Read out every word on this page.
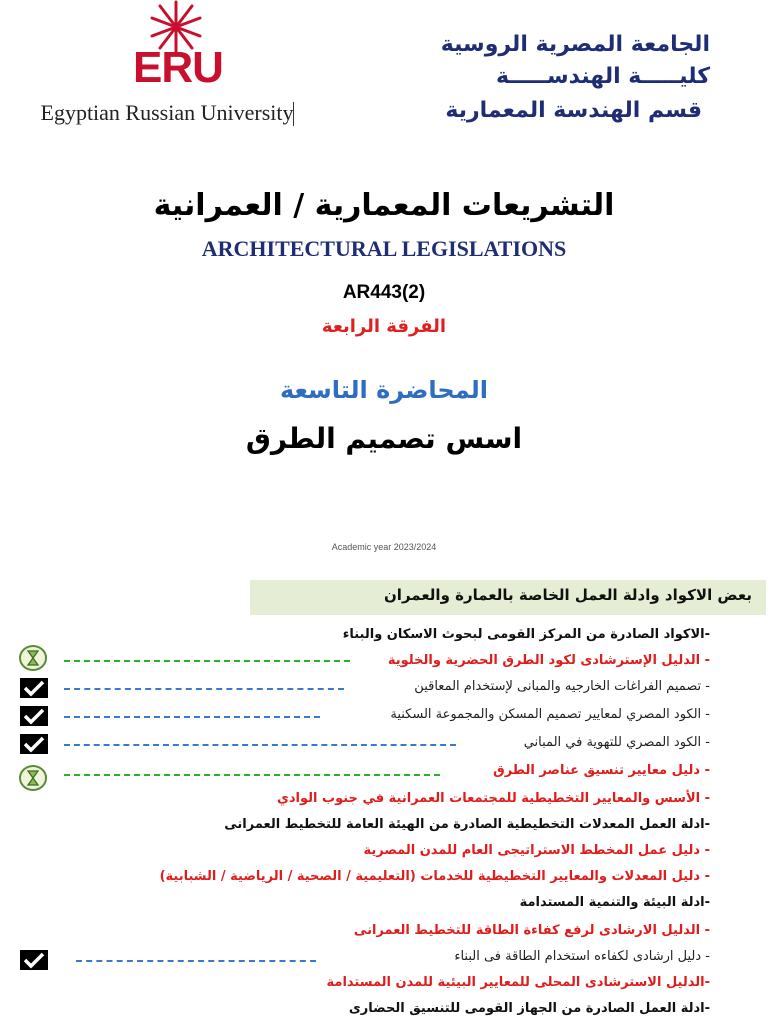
ERU
Egyptian Russian University
الجامعة المصرية الروسية
كليـــــة الهندســـــة
قسم الهندسة المعمارية
التشريعات المعمارية / العمرانية
ARCHITECTURAL LEGISLATIONS
AR443(2)
الفرقة الرابعة
المحاضرة التاسعة
اسس تصميم الطرق
Academic year 2023/2024
بعض الاكواد وادلة العمل الخاصة بالعمارة والعمران
-الاكواد الصادرة من المركز القومى لبحوث الاسكان والبناء
- الدليل الإسترشادى لكود الطرق الحضرية والخلوية
- تصميم الفراغات الخارجيه والمبانى لإستخدام المعاقين
- الكود المصري لمعايير تصميم المسكن والمجموعة السكنية
- الكود المصري للتهوية في المباني
- دليل معايير تنسيق عناصر الطرق
- الأسس والمعايير التخطيطية للمجتمعات العمرانية في جنوب الوادي
-ادلة العمل المعدلات التخطيطية الصادرة من الهيئة العامة للتخطيط العمرانى
- دليل عمل المخطط الاستراتيجى العام للمدن المصرية
- دليل المعدلات والمعايير التخطيطية للخدمات (التعليمية / الصحية / الرياضية / الشبابية)
-ادلة البيئة والتنمية المستدامة
- الدليل الارشادى لرفع كفاءة الطاقة للتخطيط العمرانى
- دليل ارشادى لكفاءه استخدام الطاقة فى البناء
-الدليل الاسترشادى المحلى للمعايير البيئية للمدن المستدامة
-ادلة العمل الصادرة من الجهاز القومى للتنسيق الحضارى
